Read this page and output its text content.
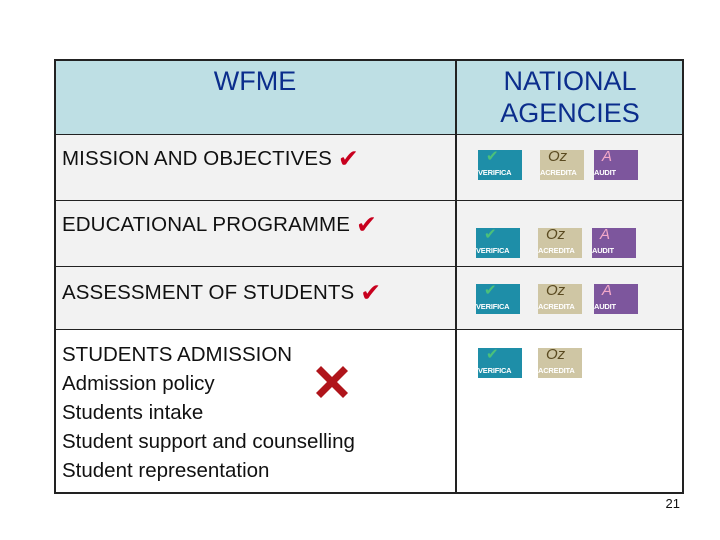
WFME	NATIONAL
AGENCIES
MISSION AND OBJECTIVES ✔
EDUCATIONAL PROGRAMME ✔
ASSESSMENT OF STUDENTS ✔
STUDENTS ADMISSION
Admission policy
Students intake
Student support and counselling
Student representation
✔
VERIFICA
Oz
ACREDITA
A
AUDIT
✔
VERIFICA
Oz
ACREDITA
A
AUDIT
✔
VERIFICA
Oz
ACREDITA
A
AUDIT
✔
VERIFICA
Oz
ACREDITA
21
